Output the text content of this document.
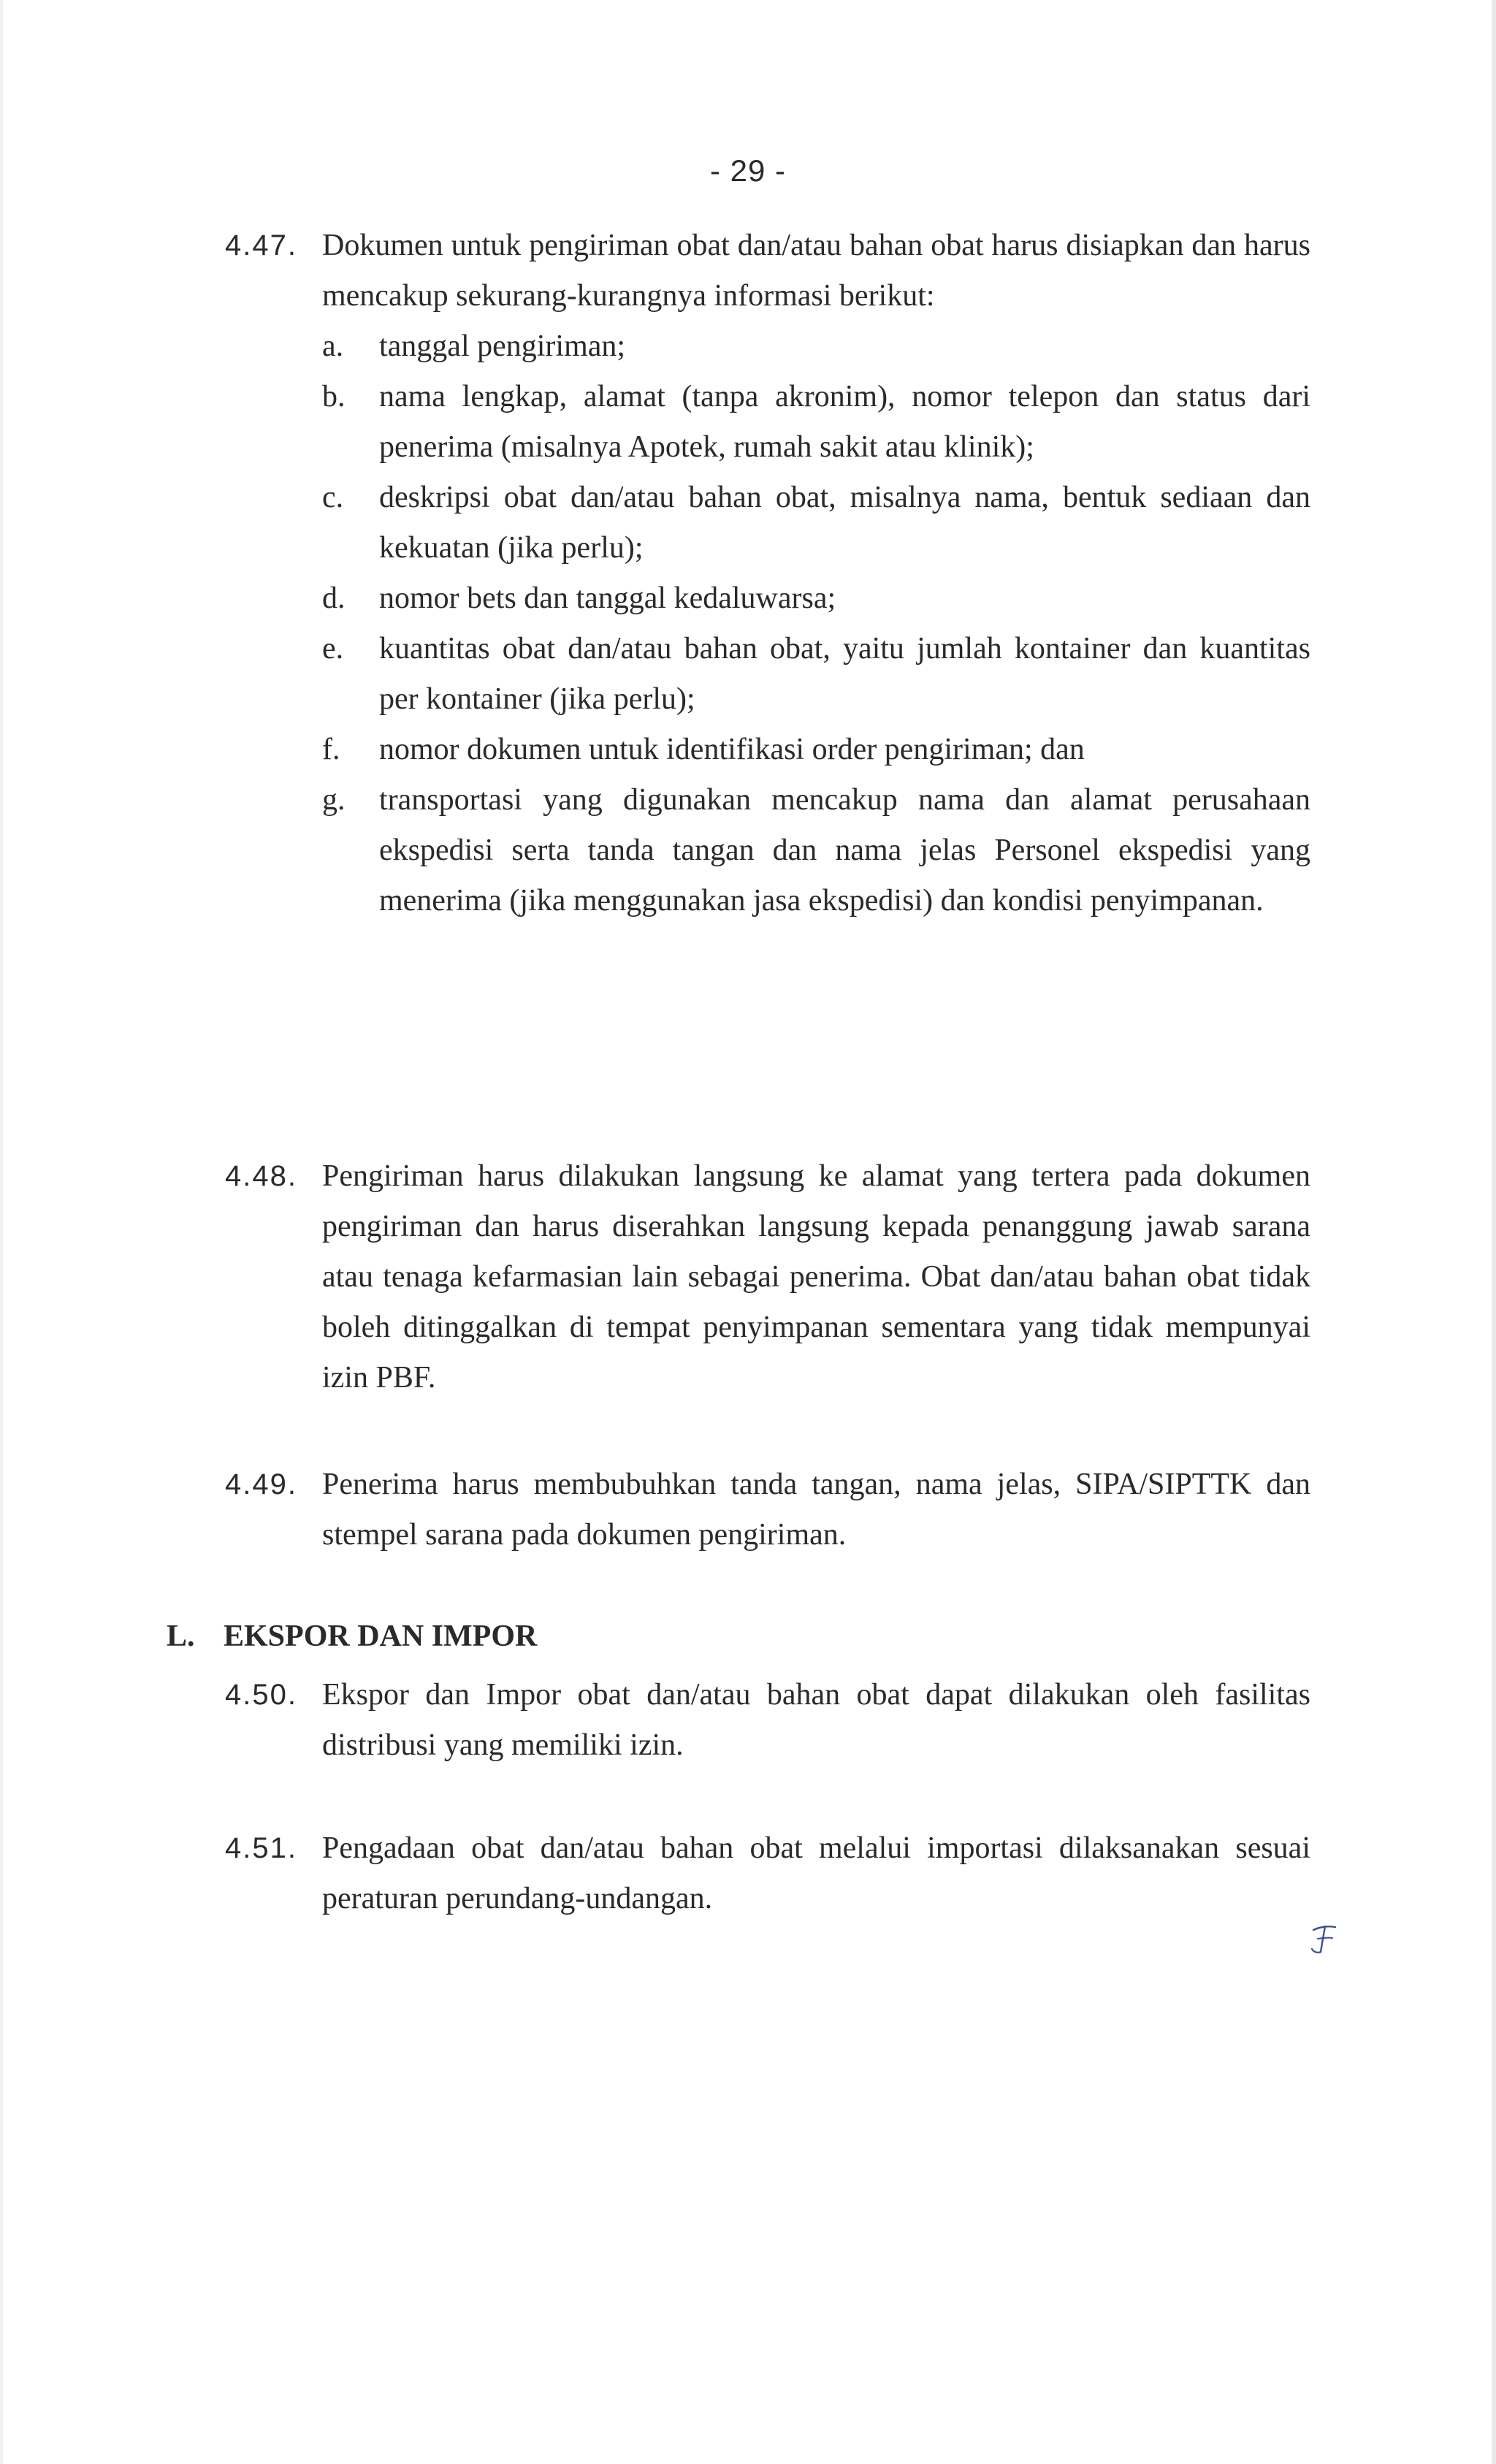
- 29 -
4.47. Dokumen untuk pengiriman obat dan/atau bahan obat harus disiapkan dan harus mencakup sekurang-kurangnya informasi berikut:
a. tanggal pengiriman;
b. nama lengkap, alamat (tanpa akronim), nomor telepon dan status dari penerima (misalnya Apotek, rumah sakit atau klinik);
c. deskripsi obat dan/atau bahan obat, misalnya nama, bentuk sediaan dan kekuatan (jika perlu);
d. nomor bets dan tanggal kedaluwarsa;
e. kuantitas obat dan/atau bahan obat, yaitu jumlah kontainer dan kuantitas per kontainer (jika perlu);
f. nomor dokumen untuk identifikasi order pengiriman; dan
g. transportasi yang digunakan mencakup nama dan alamat perusahaan ekspedisi serta tanda tangan dan nama jelas Personel ekspedisi yang menerima (jika menggunakan jasa ekspedisi) dan kondisi penyimpanan.
4.48. Pengiriman harus dilakukan langsung ke alamat yang tertera pada dokumen pengiriman dan harus diserahkan langsung kepada penanggung jawab sarana atau tenaga kefarmasian lain sebagai penerima. Obat dan/atau bahan obat tidak boleh ditinggalkan di tempat penyimpanan sementara yang tidak mempunyai izin PBF.
4.49. Penerima harus membubuhkan tanda tangan, nama jelas, SIPA/SIPTTK dan stempel sarana pada dokumen pengiriman.
L. EKSPOR DAN IMPOR
4.50. Ekspor dan Impor obat dan/atau bahan obat dapat dilakukan oleh fasilitas distribusi yang memiliki izin.
4.51. Pengadaan obat dan/atau bahan obat melalui importasi dilaksanakan sesuai peraturan perundang-undangan.
